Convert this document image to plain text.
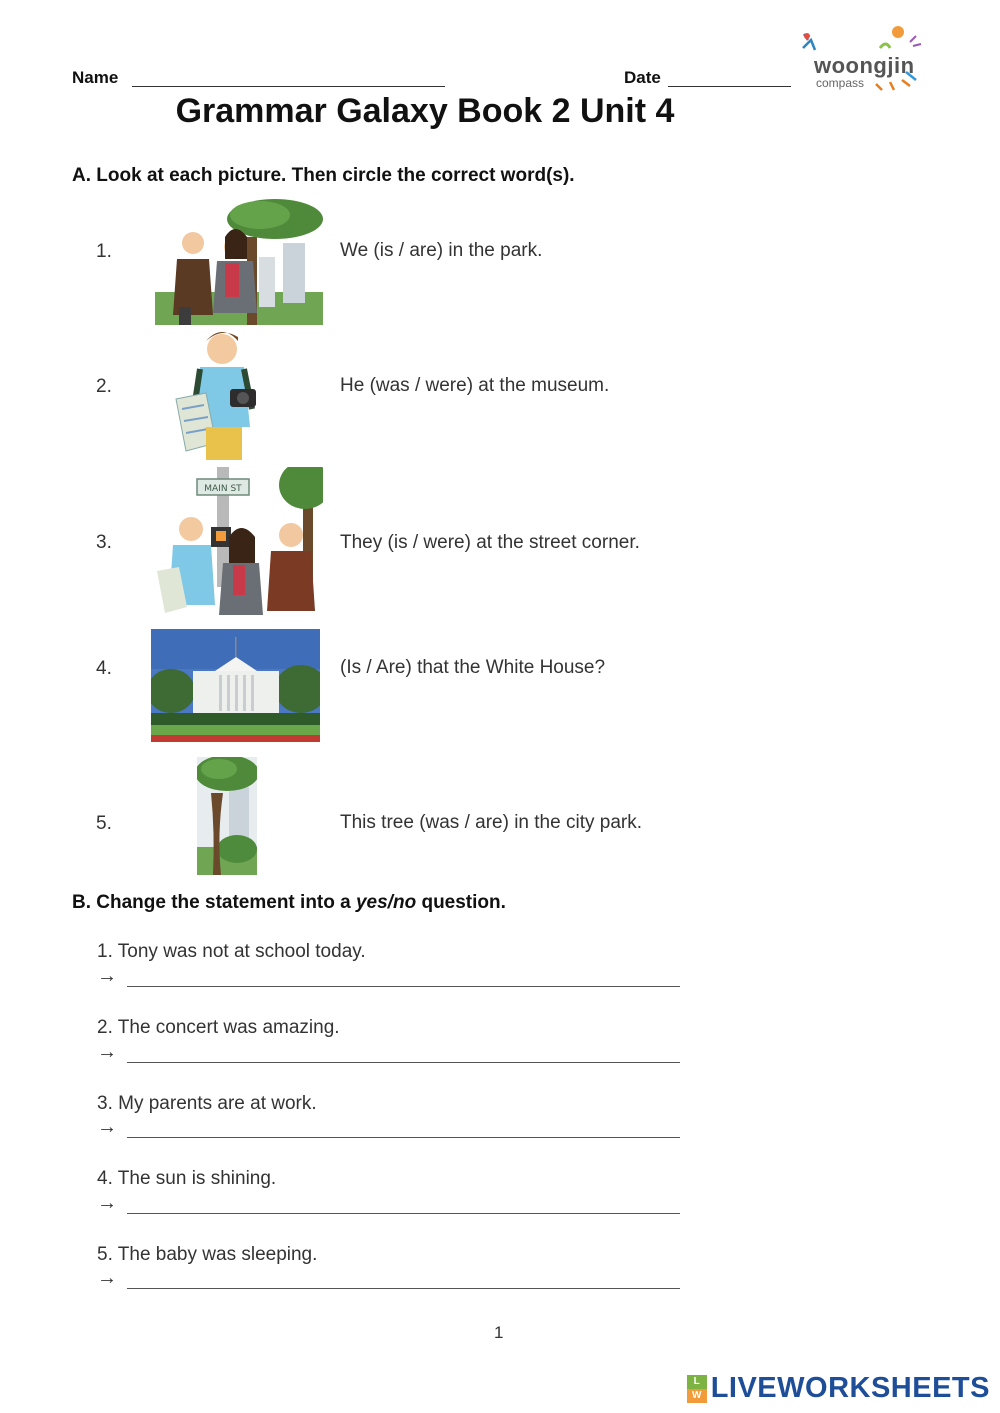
Name	Date	woongjin
compass
Grammar Galaxy Book 2 Unit 4
A. Look at each picture. Then circle the correct word(s).
1.	We (is / are) in the park.
2.	He (was / were) at the museum.
3.
MAIN ST
They (is / were) at the street corner.
4.	(Is / Are) that the White House?
5.	This tree (was / are) in the city park.
B. Change the statement into a yes/no question.
1. Tony was not at school today.
→
2. The concert was amazing.
→
3. My parents are at work.
→
4. The sun is shining.
→
5. The baby was sleeping.
→
1
L
W LIVEWORKSHEETS
